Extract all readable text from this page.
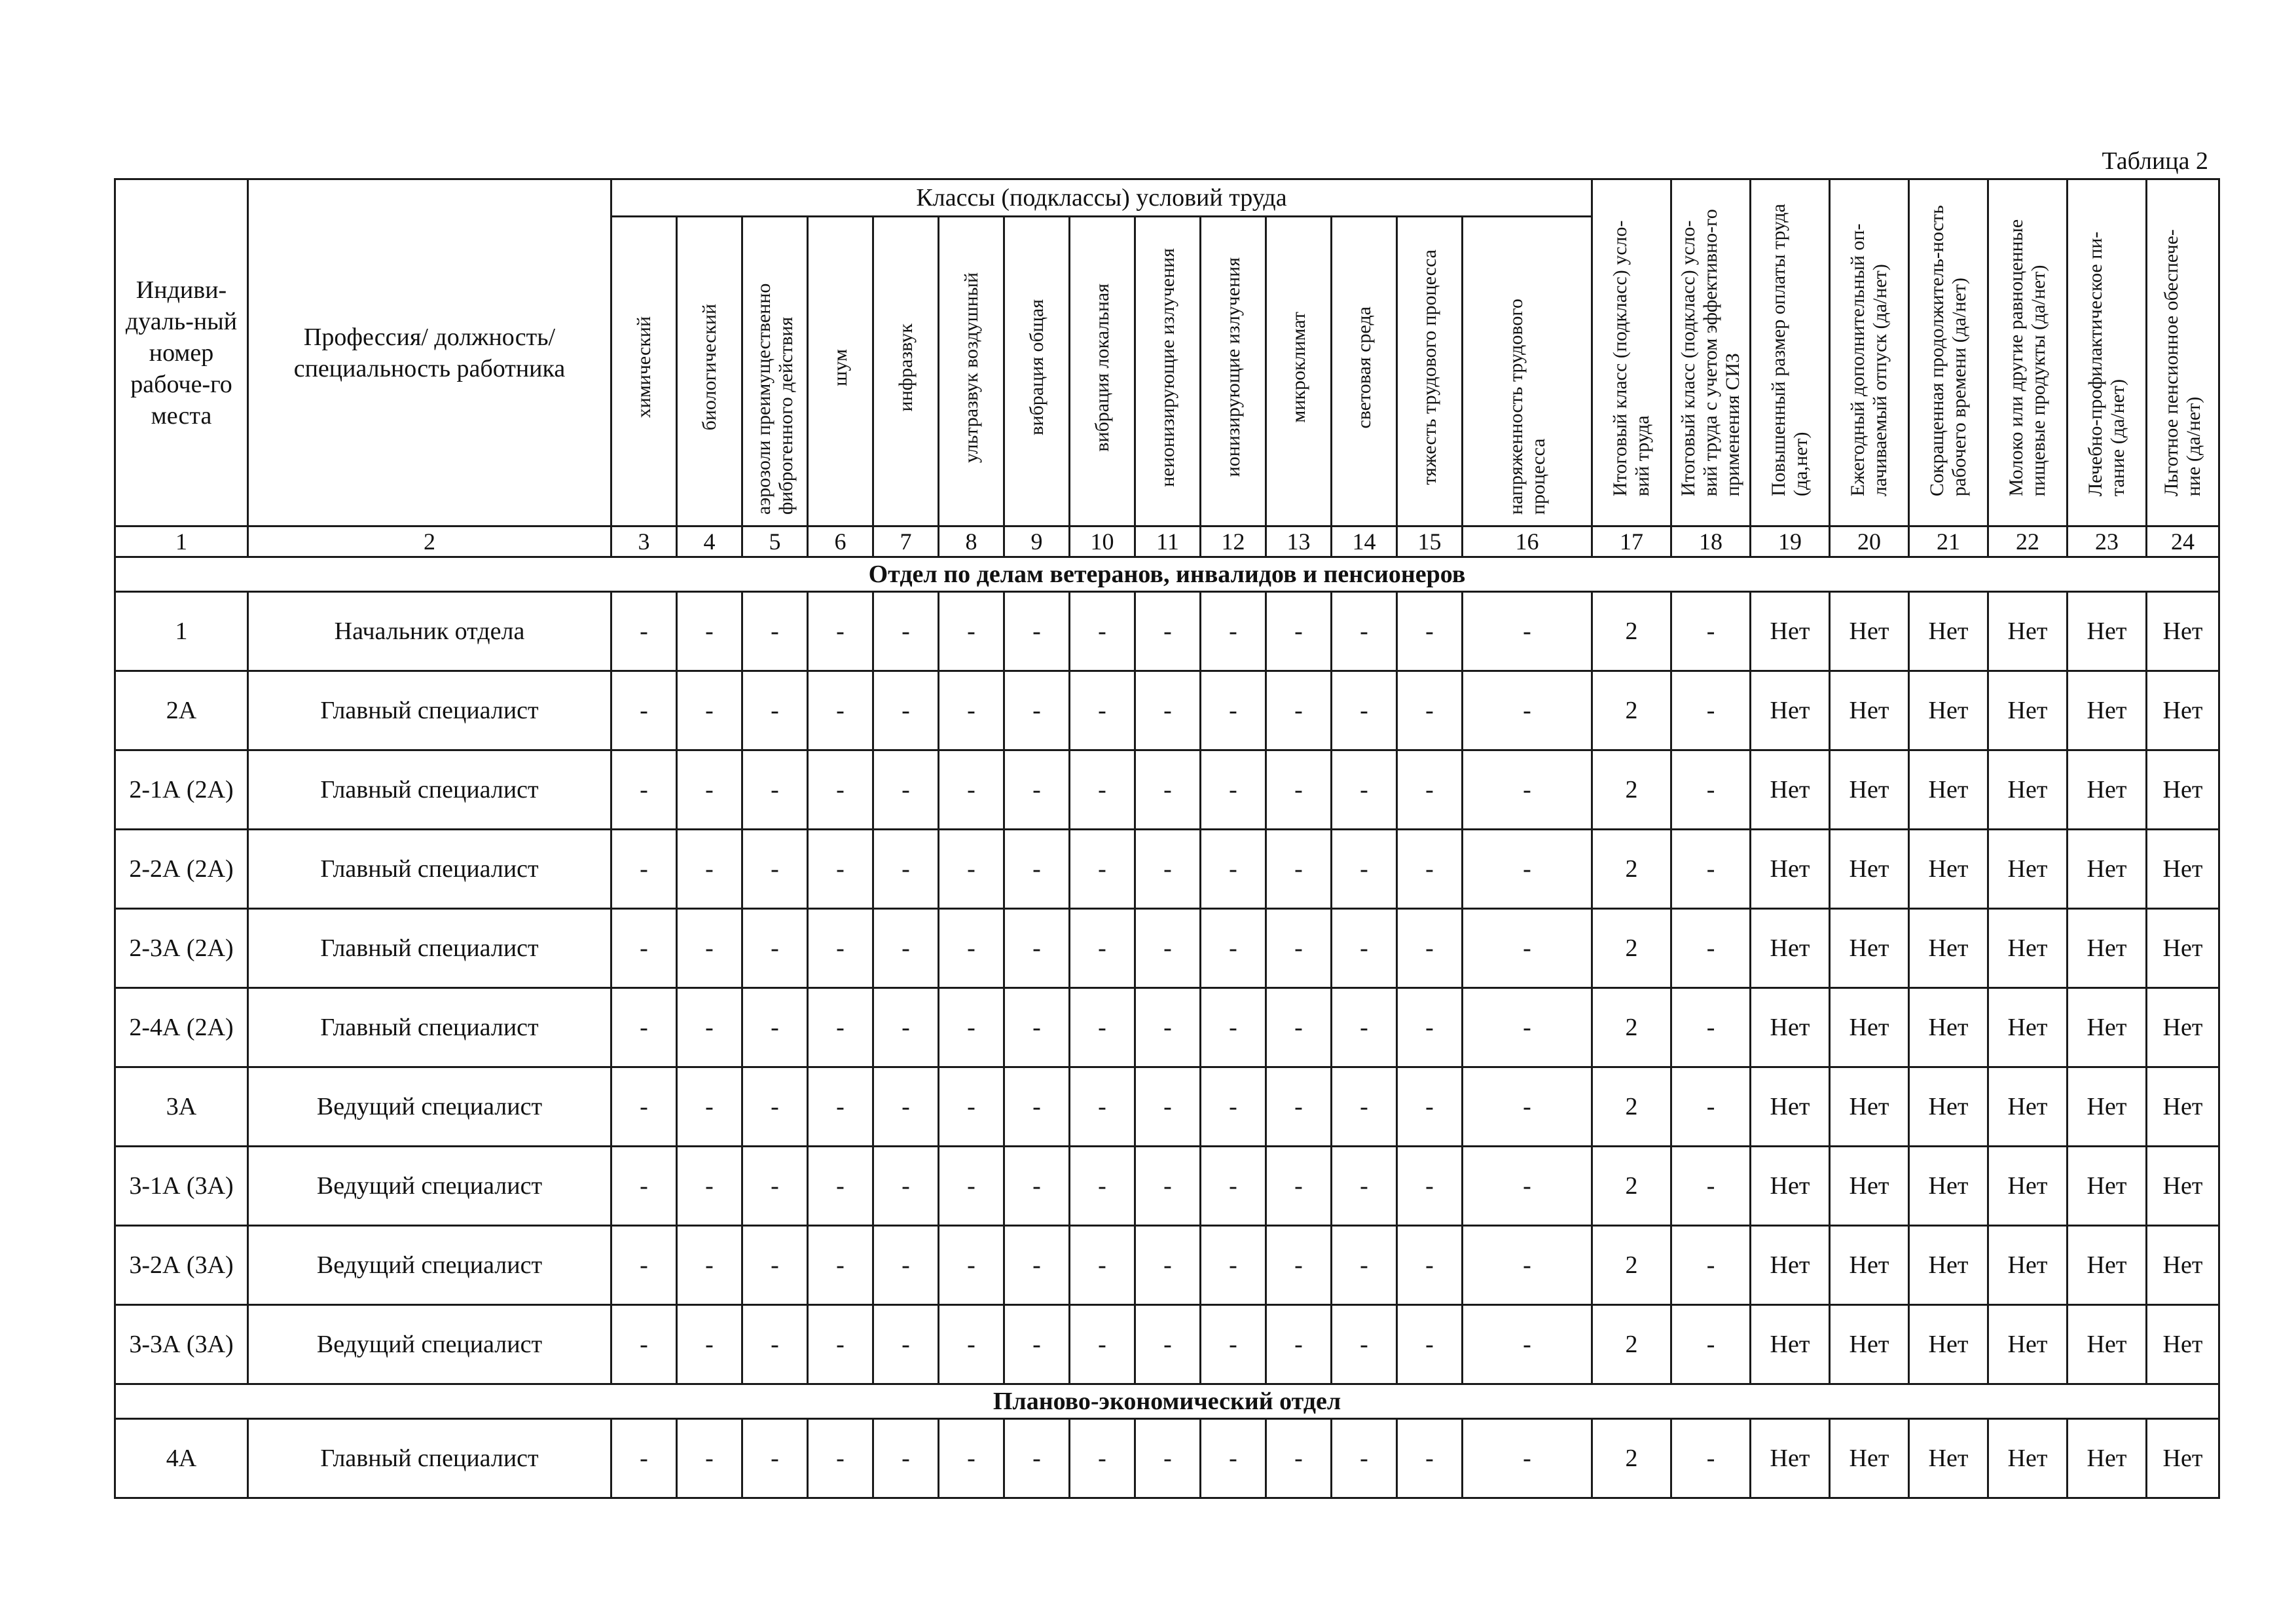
Таблица 2
Индиви-дуаль-ный номер рабоче-го места	Профессия/ должность/ специальность работника	Классы (подклассы) условий труда														Итоговый класс (подкласс) усло-вий труда	Итоговый класс (подкласс) усло-вий труда с учетом эффективно-го применения СИЗ	Повышенный размер оплаты труда (да,нет)	Ежегодный дополнительный оп-лачиваемый отпуск (да/нет)	Сокращенная продолжитель-ность рабочего времени (да/нет)	Молоко или другие равноценные пищевые продукты (да/нет)	Лечебно-профилактическое пи-тание (да/нет)	Льготное пенсионное обеспече-ние (да/нет)
		химический	биологический	аэрозоли преимущественно фиброгенного действия	шум	инфразвук	ультразвук воздушный	вибрация общая	вибрация локальная	неионизирующие излучения	ионизирующие излучения	микроклимат	световая среда	тяжесть трудового процесса	напряженность трудового процесса								
1	2	3	4	5	6	7	8	9	10	11	12	13	14	15	16	17	18	19	20	21	22	23	24
Отдел по делам ветеранов, инвалидов и пенсионеров																							
1	Начальник отдела	-	-	-	-	-	-	-	-	-	-	-	-	-	-	2	-	Нет	Нет	Нет	Нет	Нет	Нет
2А	Главный специалист	-	-	-	-	-	-	-	-	-	-	-	-	-	-	2	-	Нет	Нет	Нет	Нет	Нет	Нет
2-1А (2А)	Главный специалист	-	-	-	-	-	-	-	-	-	-	-	-	-	-	2	-	Нет	Нет	Нет	Нет	Нет	Нет
2-2А (2А)	Главный специалист	-	-	-	-	-	-	-	-	-	-	-	-	-	-	2	-	Нет	Нет	Нет	Нет	Нет	Нет
2-3А (2А)	Главный специалист	-	-	-	-	-	-	-	-	-	-	-	-	-	-	2	-	Нет	Нет	Нет	Нет	Нет	Нет
2-4А (2А)	Главный специалист	-	-	-	-	-	-	-	-	-	-	-	-	-	-	2	-	Нет	Нет	Нет	Нет	Нет	Нет
3А	Ведущий специалист	-	-	-	-	-	-	-	-	-	-	-	-	-	-	2	-	Нет	Нет	Нет	Нет	Нет	Нет
3-1А (3А)	Ведущий специалист	-	-	-	-	-	-	-	-	-	-	-	-	-	-	2	-	Нет	Нет	Нет	Нет	Нет	Нет
3-2А (3А)	Ведущий специалист	-	-	-	-	-	-	-	-	-	-	-	-	-	-	2	-	Нет	Нет	Нет	Нет	Нет	Нет
3-3А (3А)	Ведущий специалист	-	-	-	-	-	-	-	-	-	-	-	-	-	-	2	-	Нет	Нет	Нет	Нет	Нет	Нет
Планово-экономический отдел																							
4А	Главный специалист	-	-	-	-	-	-	-	-	-	-	-	-	-	-	2	-	Нет	Нет	Нет	Нет	Нет	Нет
